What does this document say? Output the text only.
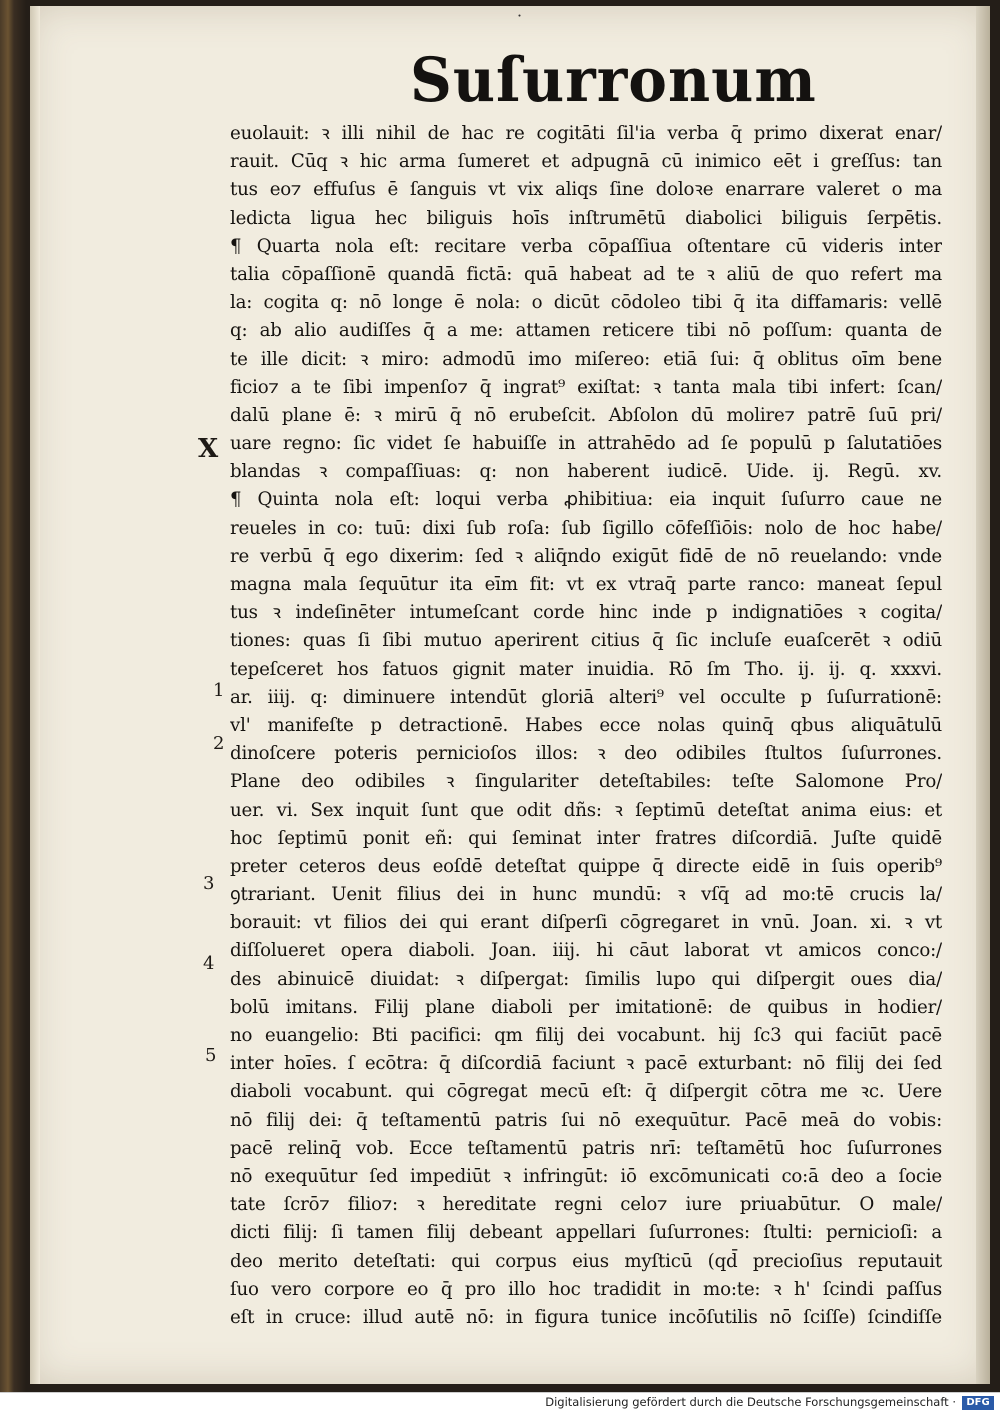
˙
Suſurronum
euolauit: ꝛ illi nihil de hac re cogitāti ſil'ia verba q̄ primo dixerat enar/
rauit. Cūq ꝛ hic arma ſumeret et adpugnā cū inimico eēt i greſſus: tan
tus eo⁊ effuſus ē ſanguis vt vix aliqs ſine doloꝛe enarrare valeret o ma
ledicta ligua hec biliguis hoīs inſtrumētū diabolici biliguis ſerpētis.
¶ Quarta nola eſt: recitare verba cōpaſſiua oſtentare cū videris inter
talia cōpaſſionē quandā fictā: quā habeat ad te ꝛ aliū de quo refert ma
la: cogita q: nō longe ē nola: o dicūt cōdoleo tibi q̄ ita diffamaris: vellē
q: ab alio audiſſes q̄ a me: attamen reticere tibi nō poſſum: quanta de
te ille dicit: ꝛ miro: admodū imo miſereo: etiā ſui: q̄ oblitus oīm bene
ficio⁊ a te ſibi impenſo⁊ q̄ ingrat⁹ exiſtat: ꝛ tanta mala tibi infert: ſcan/
dalū plane ē: ꝛ mirū q̄ nō erubeſcit. Abſolon dū molire⁊ patrē ſuū pri/
uare regno: ſic videt ſe habuiſſe in attrahēdo ad ſe populū p ſalutatiōes
blandas ꝛ compaſſiuas: q: non haberent iudicē. Uide. ij. Regū. xv.
¶ Quinta nola eſt: loqui verba ꝓhibitiua: eia inquit ſuſurro caue ne
reueles in co: tuū: dixi ſub roſa: ſub ſigillo cōfeſſiōis: nolo de hoc habe/
re verbū q̄ ego dixerim: ſed ꝛ aliq̄ndo exigūt fidē de nō reuelando: vnde
magna mala ſequūtur ita eīm fit: vt ex vtraq̄ parte ranco: maneat ſepul
tus ꝛ indeſinēter intumeſcant corde hinc inde p indignatiōes ꝛ cogita/
tiones: quas ſi ſibi mutuo aperirent citius q̄ ſic incluſe euaſcerēt ꝛ odiū
tepeſceret hos fatuos gignit mater inuidia. Rō ſm Tho. ij. ij. q. xxxvi.
ar. iiij. q: diminuere intendūt gloriā alteri⁹ vel occulte p ſuſurrationē:
vl' manifeſte p detractionē. Habes ecce nolas quinq̄ qbus aliquātulū
dinoſcere poteris pernicioſos illos: ꝛ deo odibiles ſtultos ſuſurrones.
Plane deo odibiles ꝛ ſingulariter deteſtabiles: teſte Salomone Pro/
uer. vi. Sex inquit ſunt que odit dñs: ꝛ ſeptimū deteſtat anima eius: et
hoc ſeptimū ponit eñ: qui ſeminat inter fratres diſcordiā. Juſte quidē
preter ceteros deus eoſdē deteſtat quippe q̄ directe eidē in ſuis operib⁹
ꝯtrariant. Uenit filius dei in hunc mundū: ꝛ vſq̄ ad mo:tē crucis la/
borauit: vt filios dei qui erant diſperſi cōgregaret in vnū. Joan. xi. ꝛ vt
diſſolueret opera diaboli. Joan. iiij. hi cāut laborat vt amicos conco:/
des abinuicē diuidat: ꝛ diſpergat: ſimilis lupo qui diſpergit oues dia/
bolū imitans. Filij plane diaboli per imitationē: de quibus in hodier/
no euangelio: Bti pacifici: qm filij dei vocabunt. hij ſc3 qui faciūt pacē
inter hoīes. ſ ecōtra: q̄ diſcordiā faciunt ꝛ pacē exturbant: nō filij dei ſed
diaboli vocabunt. qui cōgregat mecū eſt: q̄ diſpergit cōtra me ꝛc. Uere
nō filij dei: q̄ teſtamentū patris ſui nō exequūtur. Pacē meā do vobis:
pacē relinq̄ vob. Ecce teſtamentū patris nrī: teſtamētū hoc ſuſurrones
nō exequūtur ſed impediūt ꝛ infringūt: iō excōmunicati co:ā deo a ſocie
tate ſcrō⁊ filio⁊: ꝛ hereditate regni celo⁊ iure priuabūtur. O male/
dicti filij: ſi tamen filij debeant appellari ſuſurrones: ſtulti: pernicioſi: a
deo merito deteſtati: qui corpus eius myſticū (qd̄ precioſius reputauit
ſuo vero corpore eo q̄ pro illo hoc tradidit in mo:te: ꝛ h' ſcindi paſſus
eſt in cruce: illud autē nō: in figura tunice incōſutilis nō ſciſſe) ſcindiſſe
X
1
2
3
4
5
Digitalisierung gefördert durch die Deutsche Forschungsgemeinschaft ·	DFG
